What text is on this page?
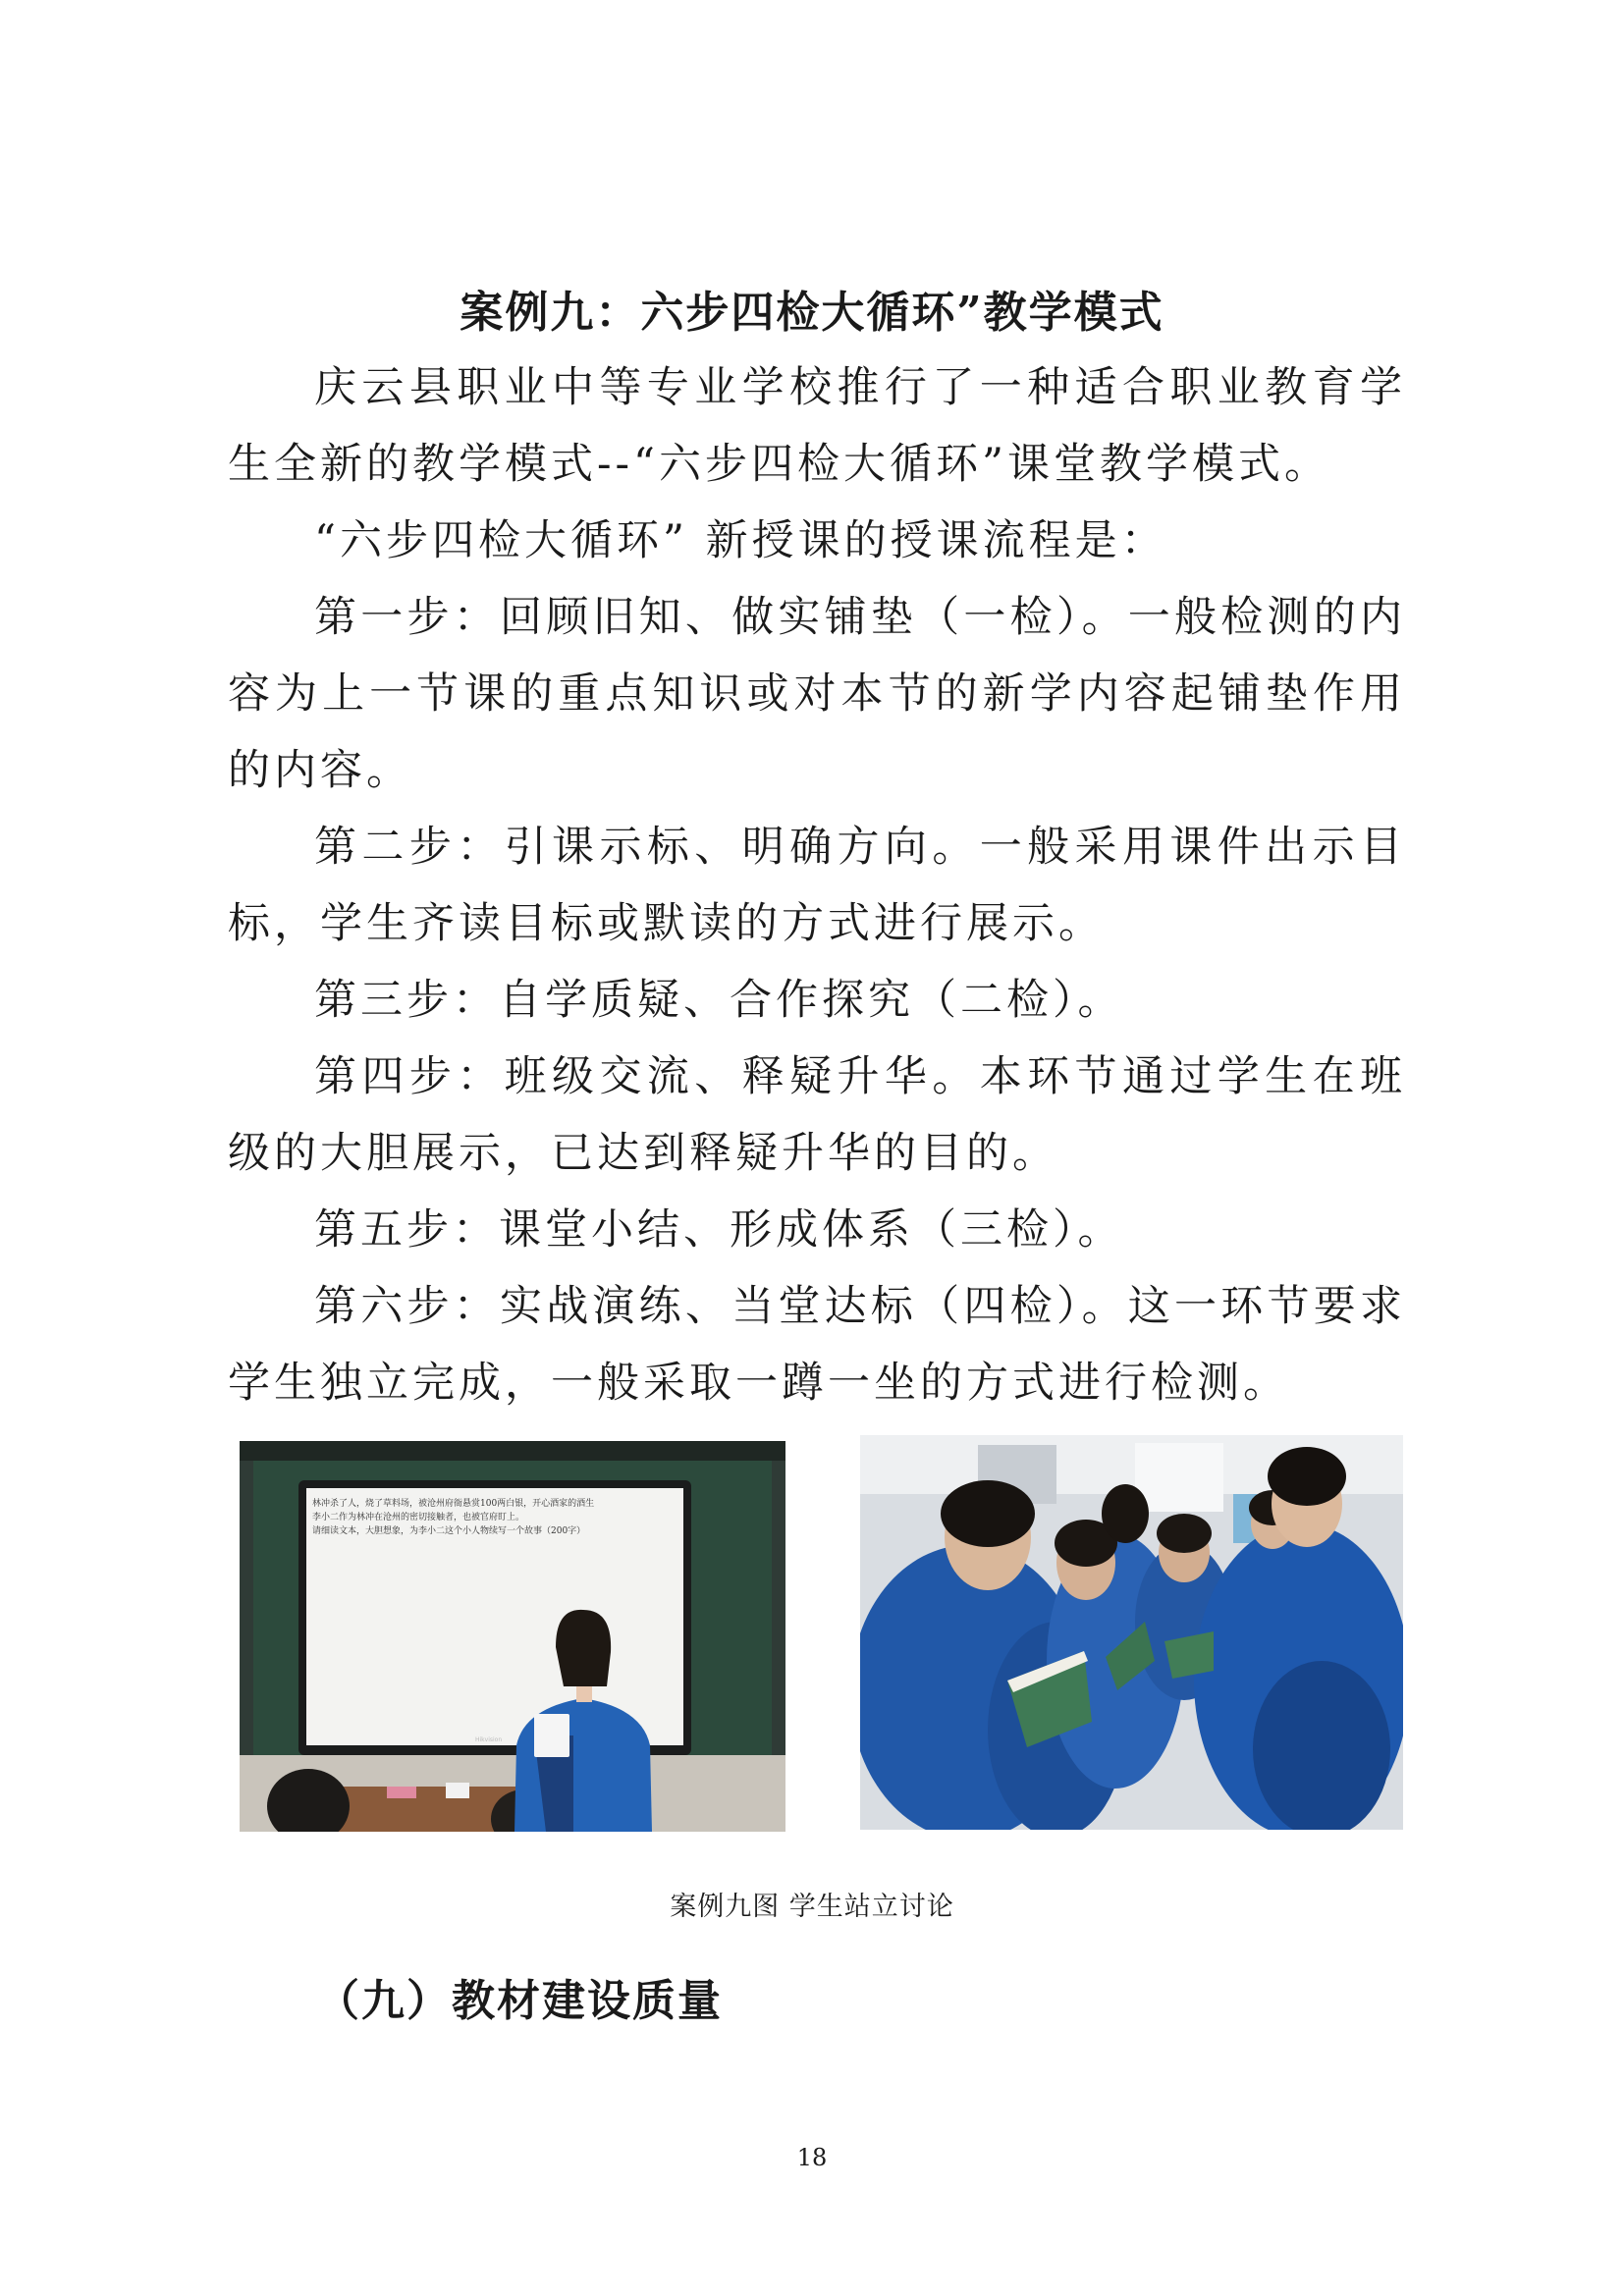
案例九：六步四检大循环”教学模式

庆云县职业中等专业学校推行了一种适合职业教育学生全新的教学模式--“六步四检大循环”课堂教学模式。

“六步四检大循环” 新授课的授课流程是：

第一步：回顾旧知、做实铺垫（一检）。一般检测的内容为上一节课的重点知识或对本节的新学内容起铺垫作用的内容。

第二步：引课示标、明确方向。一般采用课件出示目标，学生齐读目标或默读的方式进行展示。

第三步：自学质疑、合作探究（二检）。

第四步：班级交流、释疑升华。本环节通过学生在班级的大胆展示，已达到释疑升华的目的。

第五步：课堂小结、形成体系（三检）。

第六步：实战演练、当堂达标（四检）。这一环节要求学生独立完成，一般采取一蹲一坐的方式进行检测。

林冲杀了人，烧了草料场，被沧州府衙悬赏100两白银，开心酒家的酒生
李小二作为林冲在沧州的密切接触者，也被官府盯上。
请细读文本，大胆想象，为李小二这个小人物续写一个故事（200字）
Hikvision

案例九图 学生站立讨论

（九）教材建设质量

18
